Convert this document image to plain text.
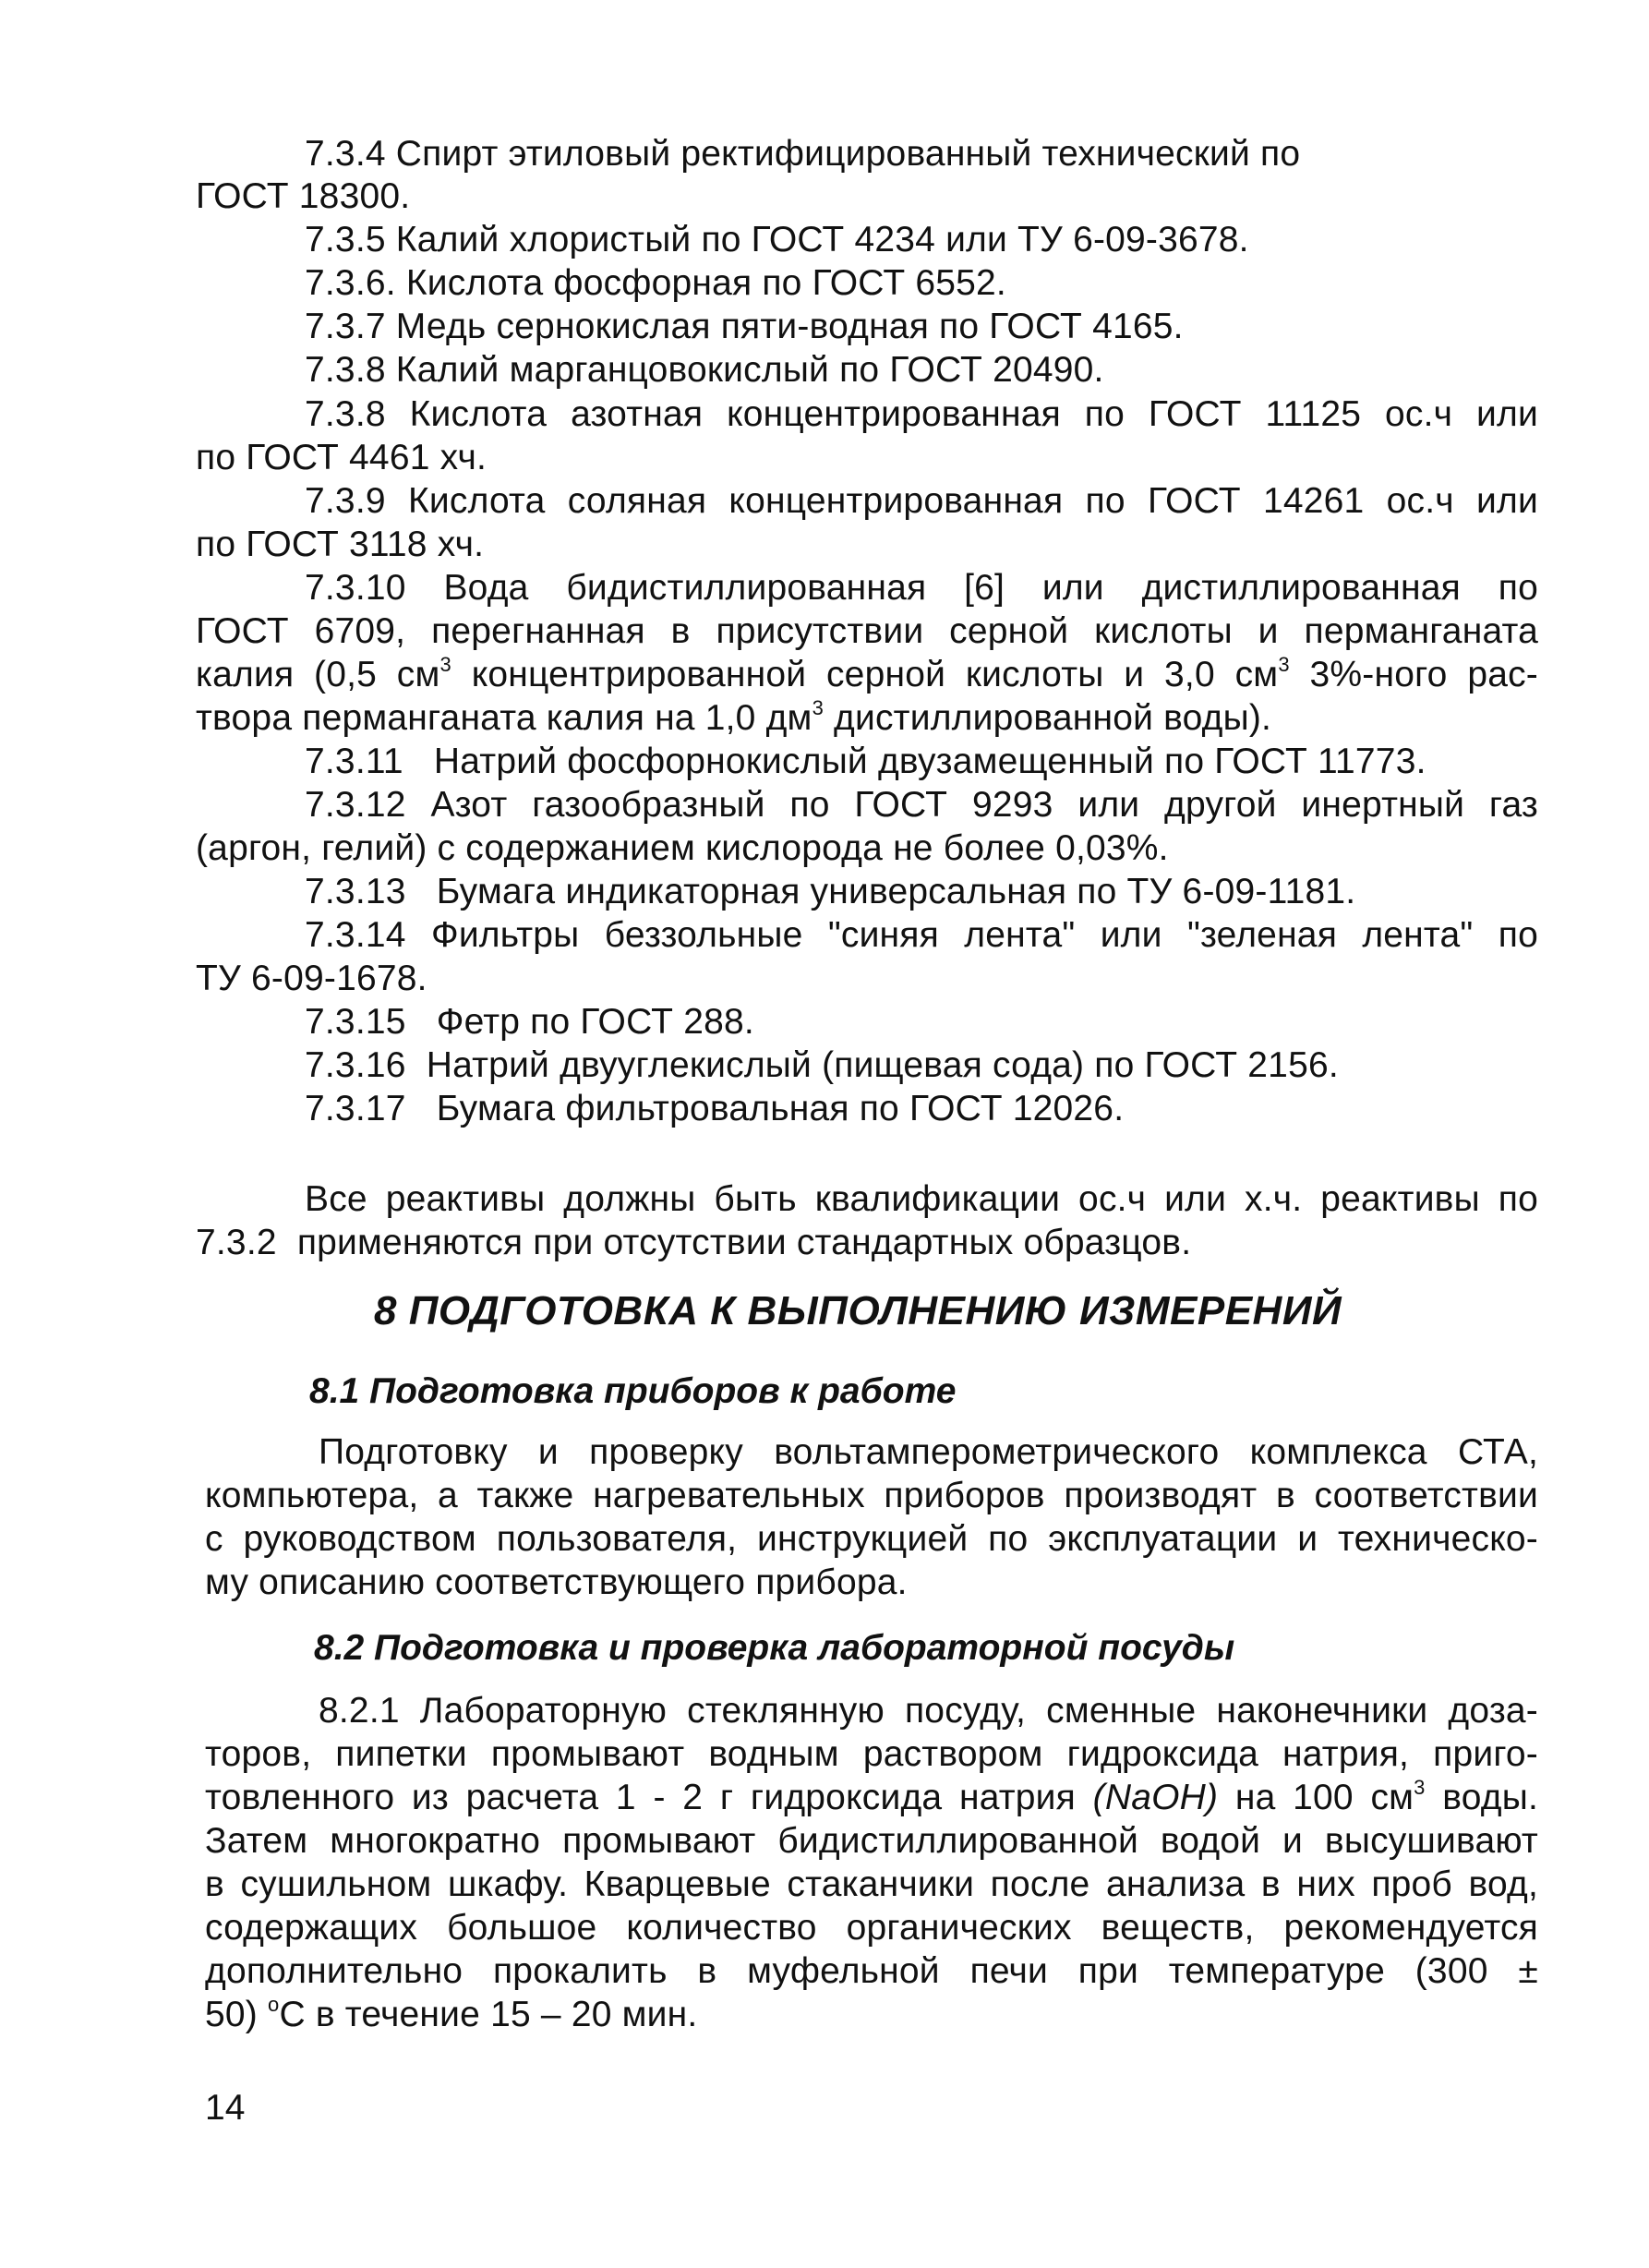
7.3.4 Спирт этиловый ректифицированный технический по
ГОСТ 18300.
7.3.5 Калий хлористый по ГОСТ 4234 или ТУ 6-09-3678.
7.3.6. Кислота фосфорная по ГОСТ 6552.
7.3.7 Медь сернокислая пяти-водная по ГОСТ 4165.
7.3.8 Калий марганцовокислый по ГОСТ 20490.
7.3.8 Кислота азотная концентрированная по ГОСТ 11125 ос.ч или
по ГОСТ 4461 хч.
7.3.9 Кислота соляная концентрированная по ГОСТ 14261 ос.ч или
по ГОСТ 3118 хч.
7.3.10 Вода бидистиллированная [6] или дистиллированная по
ГОСТ 6709, перегнанная в присутствии серной кислоты и перманганата
калия (0,5 $см^3$ концентрированной серной кислоты и 3,0 $см^3$ 3%-ного рас-
твора перманганата калия на 1,0 $дм^3$ дистиллированной воды).
7.3.11 Натрий фосфорнокислый двузамещенный по ГОСТ 11773.
7.3.12 Азот газообразный по ГОСТ 9293 или другой инертный газ
(аргон, гелий) с содержанием кислорода не более 0,03%.
7.3.13 Бумага индикаторная универсальная по ТУ 6-09-1181.
7.3.14 Фильтры беззольные "синяя лента" или "зеленая лента" по
ТУ 6-09-1678.
7.3.15 Фетр по ГОСТ 288.
7.3.16 Натрий двууглекислый (пищевая сода) по ГОСТ 2156.
7.3.17 Бумага фильтровальная по ГОСТ 12026.
Все реактивы должны быть квалификации ос.ч или х.ч. реактивы по
7.3.2 применяются при отсутствии стандартных образцов.
8 ПОДГОТОВКА К ВЫПОЛНЕНИЮ ИЗМЕРЕНИЙ
8.1 Подготовка приборов к работе
Подготовку и проверку вольтамперометрического комплекса СТА,
компьютера, а также нагревательных приборов производят в соответствии
с руководством пользователя, инструкцией по эксплуатации и техническо-
му описанию соответствующего прибора.
8.2 Подготовка и проверка лабораторной посуды
8.2.1 Лабораторную стеклянную посуду, сменные наконечники доза-
торов, пипетки промывают водным раствором гидроксида натрия, приго-
товленного из расчета 1 - 2 г гидроксида натрия (NaOH) на 100 $см^3$ воды.
Затем многократно промывают бидистиллированной водой и высушивают
в сушильном шкафу. Кварцевые стаканчики после анализа в них проб вод,
содержащих большое количество органических веществ, рекомендуется
дополнительно прокалить в муфельной печи при температуре (300 ±
50) $^о$С в течение 15 – 20 мин.
14
